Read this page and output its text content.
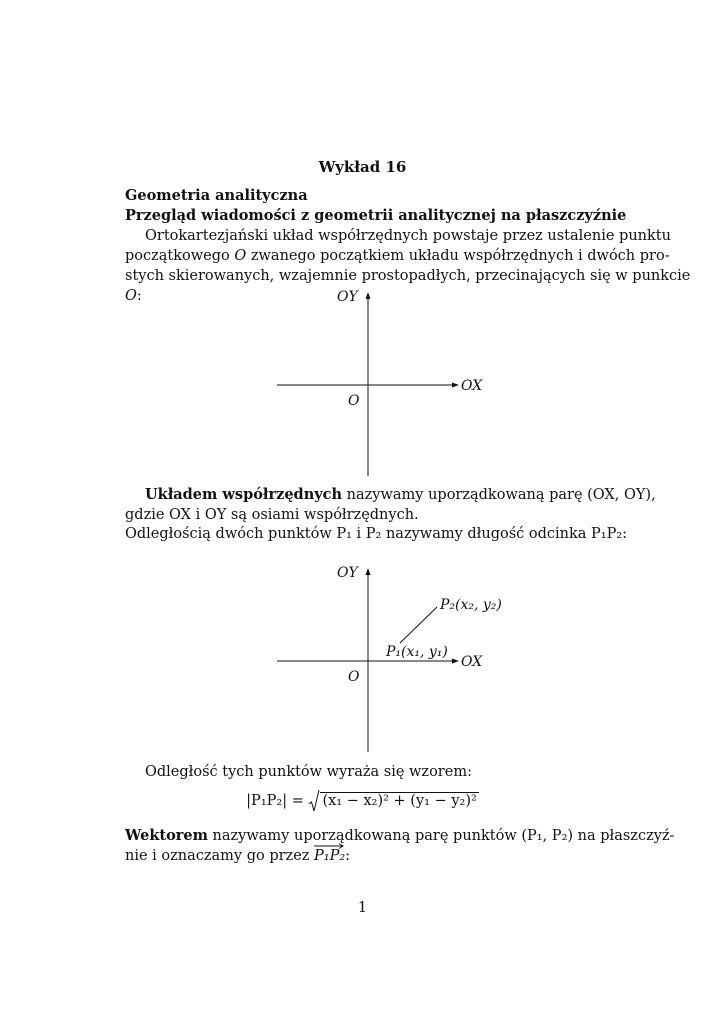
Wykład 16
Geometria analityczna
Przegląd wiadomości z geometrii analitycznej na płaszczyźnie
Ortokartezjański układ współrzędnych powstaje przez ustalenie punktu
początkowego O zwanego początkiem układu współrzędnych i dwóch pro-
stych skierowanych, wzajemnie prostopadłych, przecinających się w punkcie
O:	OY
OX
O
Układem współrzędnych nazywamy uporządkowaną parę (OX, OY),
gdzie OX i OY są osiami współrzędnych.
Odległością dwóch punktów P₁ i P₂ nazywamy długość odcinka P₁P₂:
OY
OX
O
P₁(x₁, y₁)
P₂(x₂, y₂)
Odległość tych punktów wyraża się wzorem:
|P₁P₂| = (x₁ − x₂)² + (y₁ − y₂)²
Wektorem nazywamy uporządkowaną parę punktów (P₁, P₂) na płaszczyź-
nie i oznaczamy go przez
P₁P₂:
1
